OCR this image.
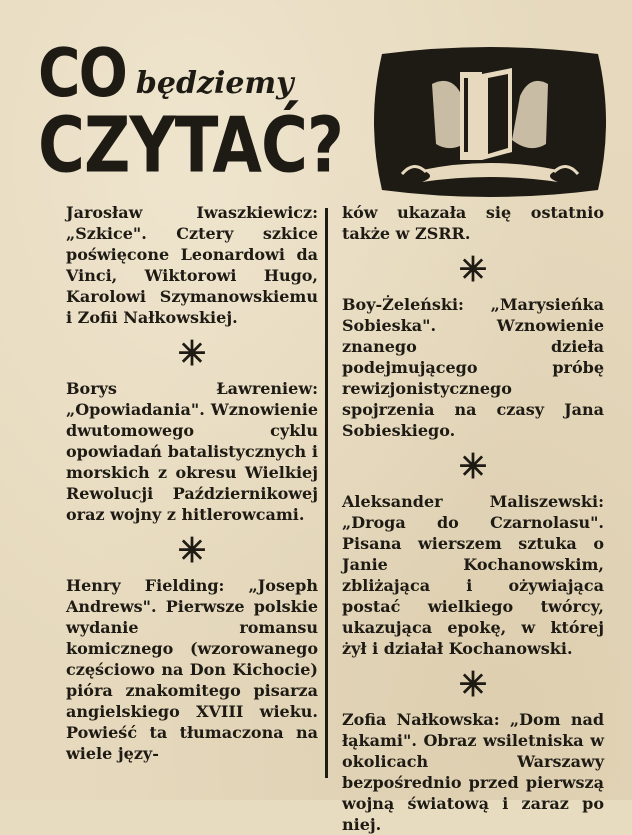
CO będziemy
CZYTAĆ?

Jarosław Iwaszkiewicz: „Szkice". Cztery szkice poświęcone Leonardowi da Vinci, Wiktorowi Hugo, Karolowi Szymanowskiemu i Zofii Nałkowskiej.

✳

Borys Ławreniew: „Opowiadania". Wznowienie dwutomowego cyklu opowiadań batalistycznych i morskich z okresu Wielkiej Rewolucji Październikowej oraz wojny z hitlerowcami.

✳

Henry Fielding: „Joseph Andrews". Pierwsze polskie wydanie romansu komicznego (wzorowanego częściowo na Don Kichocie) pióra znakomitego pisarza angielskiego XVIII wieku. Powieść ta tłumaczona na wiele języ-

ków ukazała się ostatnio także w ZSRR.

✳

Boy-Żeleński: „Marysieńka Sobieska". Wznowienie znanego dzieła podejmującego próbę rewizjonistycznego spojrzenia na czasy Jana Sobieskiego.

✳

Aleksander Maliszewski: „Droga do Czarnolasu". Pisana wierszem sztuka o Janie Kochanowskim, zbliżająca i ożywiająca postać wielkiego twórcy, ukazująca epokę, w której żył i działał Kochanowski.

✳

Zofia Nałkowska: „Dom nad łąkami". Obraz wsiletniska w okolicach Warszawy bezpośrednio przed pierwszą wojną światową i zaraz po niej.
